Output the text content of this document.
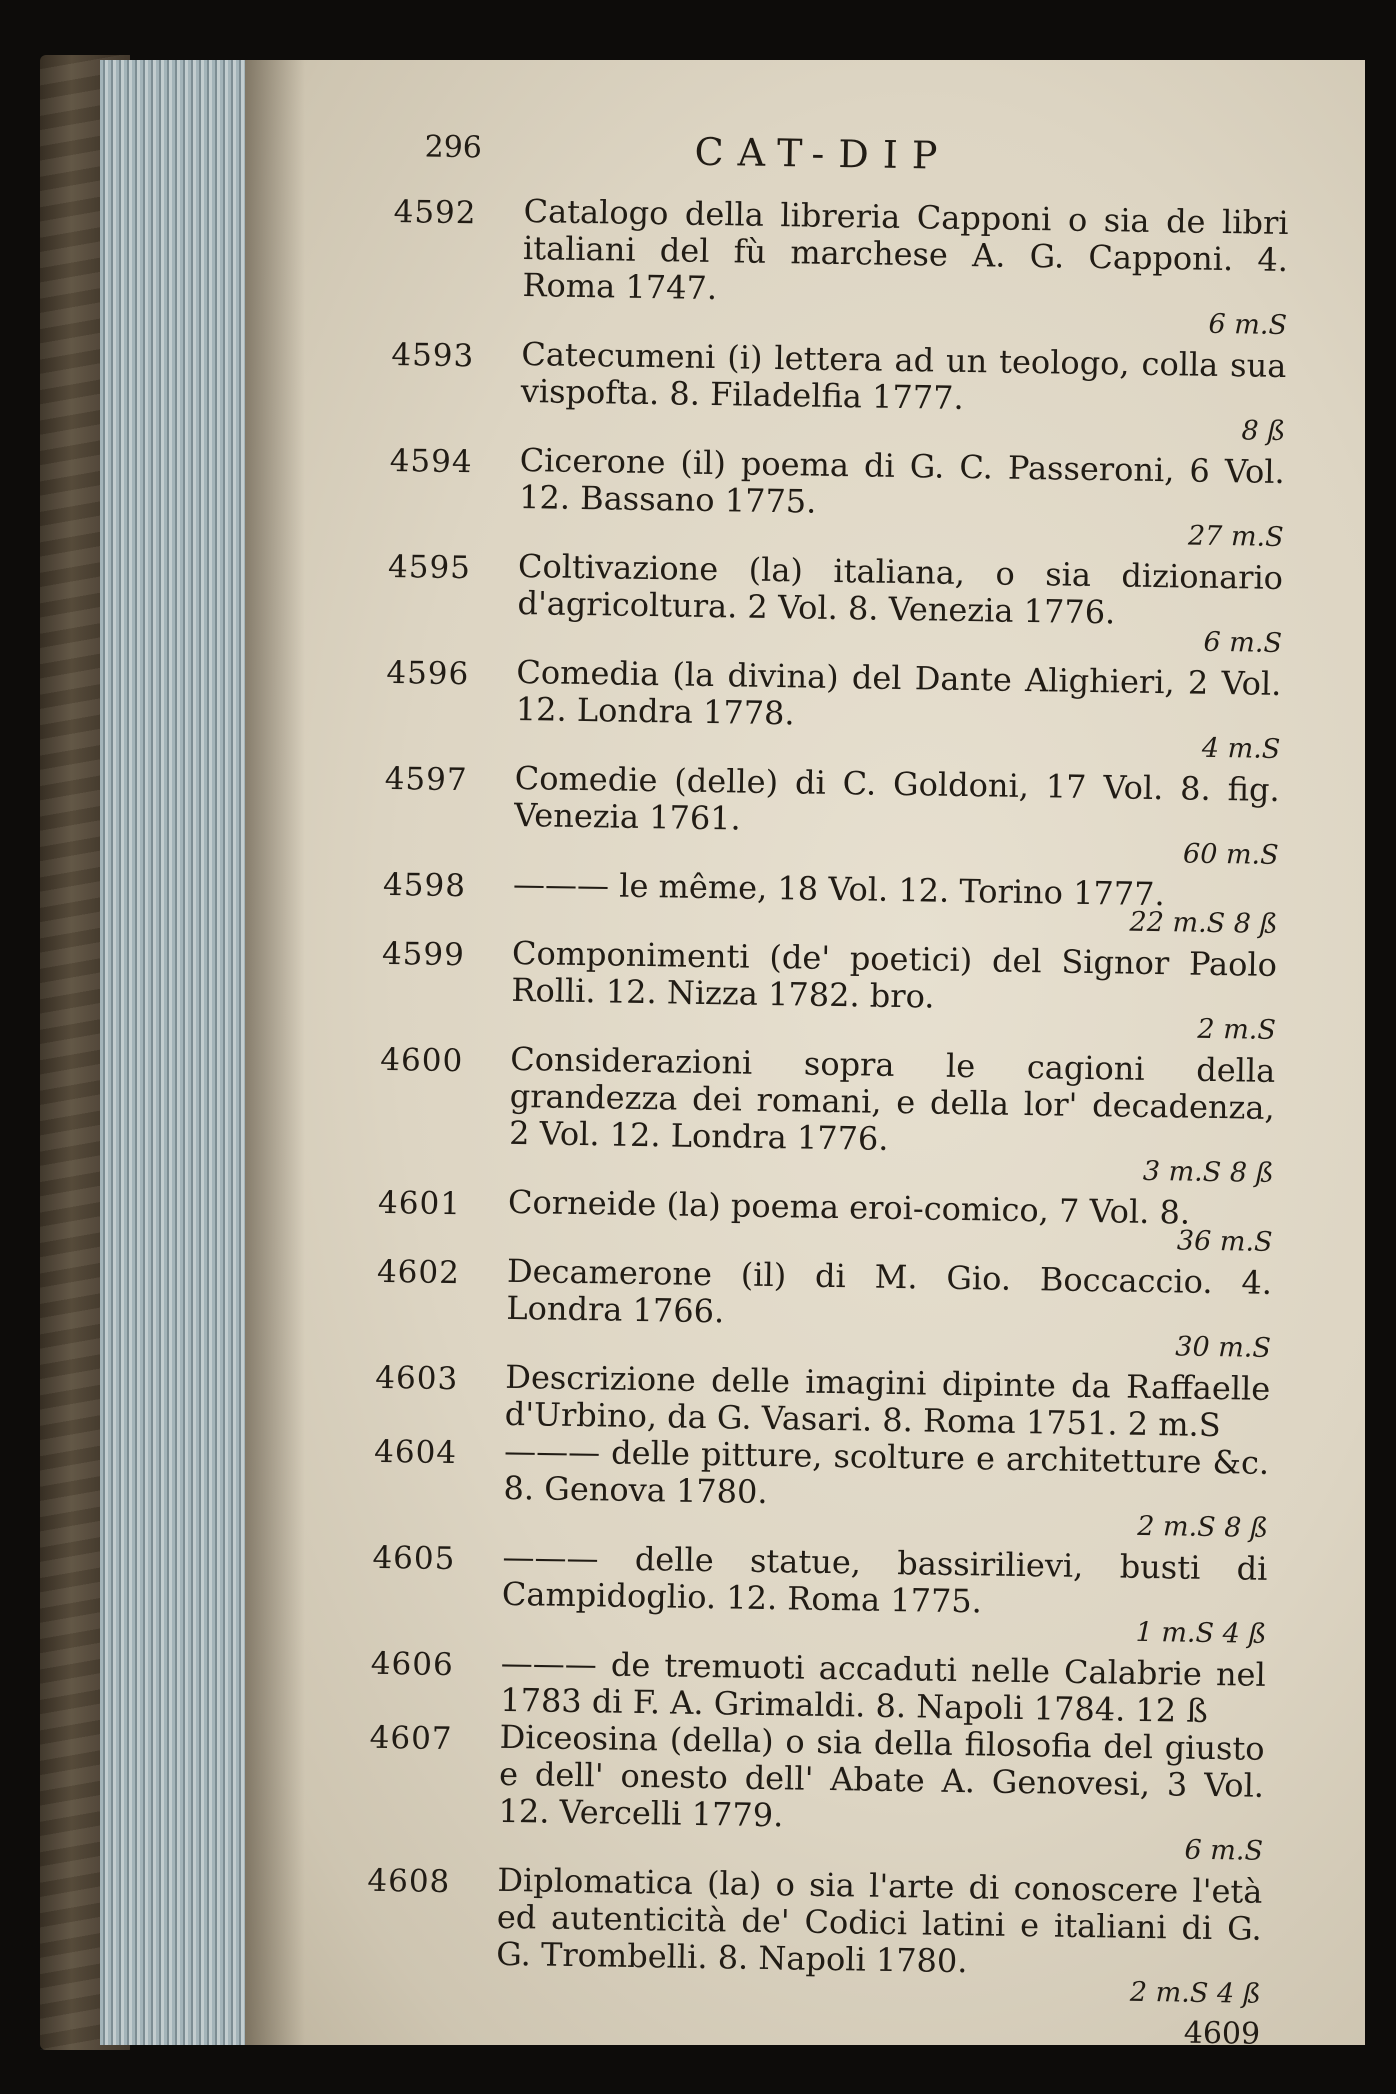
296	CAT-DIP
4592 Catalogo della libreria Capponi o sia de libri italiani del fù marchese A. G. Capponi. 4. Roma 1747.
6 m.S
4593 Catecumeni (i) lettera ad un teologo, colla sua vispofta. 8. Filadelfia 1777.
8 ß
4594 Cicerone (il) poema di G. C. Passeroni, 6 Vol. 12. Bassano 1775.
27 m.S
4595 Coltivazione (la) italiana, o sia dizionario d'agricoltura. 2 Vol. 8. Venezia 1776.
6 m.S
4596 Comedia (la divina) del Dante Alighieri, 2 Vol. 12. Londra 1778.
4 m.S
4597 Comedie (delle) di C. Goldoni, 17 Vol. 8. fig. Venezia 1761.
60 m.S
4598 ——— le même, 18 Vol. 12. Torino 1777.
22 m.S 8 ß
4599 Componimenti (de' poetici) del Signor Paolo Rolli. 12. Nizza 1782. bro.
2 m.S
4600 Considerazioni sopra le cagioni della grandezza dei romani, e della lor' decadenza, 2 Vol. 12. Londra 1776.
3 m.S 8 ß
4601 Corneide (la) poema eroi-comico, 7 Vol. 8.
36 m.S
4602 Decamerone (il) di M. Gio. Boccaccio. 4. Londra 1766.
30 m.S
4603 Descrizione delle imagini dipinte da Raffaelle d'Urbino, da G. Vasari. 8. Roma 1751. 2 m.S
4604 ——— delle pitture, scolture e architetture &c. 8. Genova 1780.
2 m.S 8 ß
4605 ——— delle statue, bassirilievi, busti di Campidoglio. 12. Roma 1775.
1 m.S 4 ß
4606 ——— de tremuoti accaduti nelle Calabrie nel 1783 di F. A. Grimaldi. 8. Napoli 1784. 12 ß
4607 Diceosina (della) o sia della filosofia del giusto e dell' onesto dell' Abate A. Genovesi, 3 Vol. 12. Vercelli 1779.
6 m.S
4608 Diplomatica (la) o sia l'arte di conoscere l'età ed autenticità de' Codici latini e italiani di G. G. Trombelli. 8. Napoli 1780.
2 m.S 4 ß
4609
